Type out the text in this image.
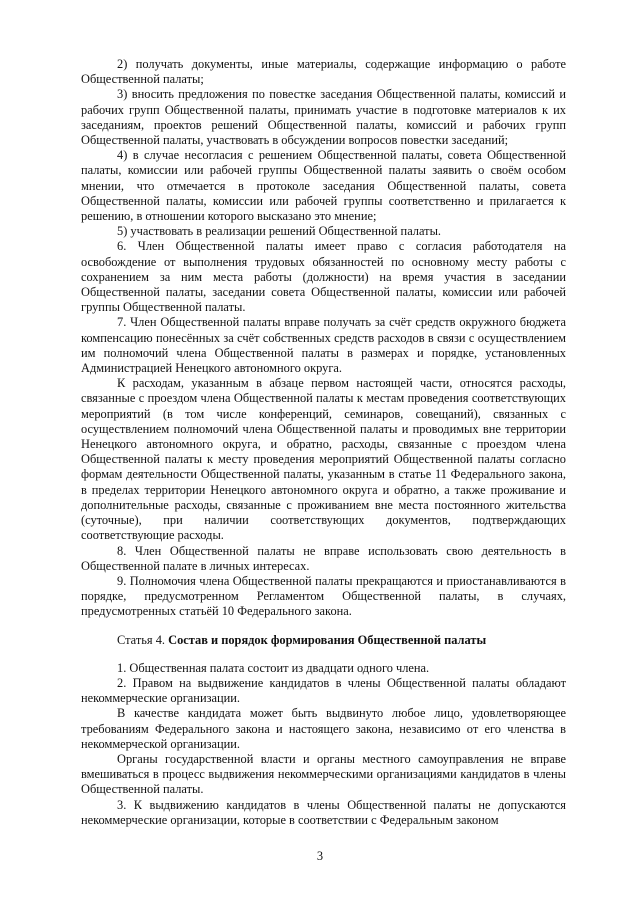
2) получать документы, иные материалы, содержащие информацию о работе Общественной палаты;

3) вносить предложения по повестке заседания Общественной палаты, комиссий и рабочих групп Общественной палаты, принимать участие в подготовке материалов к их заседаниям, проектов решений Общественной палаты, комиссий и рабочих групп Общественной палаты, участвовать в обсуждении вопросов повестки заседаний;

4) в случае несогласия с решением Общественной палаты, совета Общественной палаты, комиссии или рабочей группы Общественной палаты заявить о своём особом мнении, что отмечается в протоколе заседания Общественной палаты, совета Общественной палаты, комиссии или рабочей группы соответственно и прилагается к решению, в отношении которого высказано это мнение;

5) участвовать в реализации решений Общественной палаты.

6. Член Общественной палаты имеет право с согласия работодателя на освобождение от выполнения трудовых обязанностей по основному месту работы с сохранением за ним места работы (должности) на время участия в заседании Общественной палаты, заседании совета Общественной палаты, комиссии или рабочей группы Общественной палаты.

7. Член Общественной палаты вправе получать за счёт средств окружного бюджета компенсацию понесённых за счёт собственных средств расходов в связи с осуществлением им полномочий члена Общественной палаты в размерах и порядке, установленных Администрацией Ненецкого автономного округа.

К расходам, указанным в абзаце первом настоящей части, относятся расходы, связанные с проездом члена Общественной палаты к местам проведения соответствующих мероприятий (в том числе конференций, семинаров, совещаний), связанных с осуществлением полномочий члена Общественной палаты и проводимых вне территории Ненецкого автономного округа, и обратно, расходы, связанные с проездом члена Общественной палаты к месту проведения мероприятий Общественной палаты согласно формам деятельности Общественной палаты, указанным в статье 11 Федерального закона, в пределах территории Ненецкого автономного округа и обратно, а также проживание и дополнительные расходы, связанные с проживанием вне места постоянного жительства (суточные), при наличии соответствующих документов, подтверждающих соответствующие расходы.

8. Член Общественной палаты не вправе использовать свою деятельность в Общественной палате в личных интересах.

9. Полномочия члена Общественной палаты прекращаются и приостанавливаются в порядке, предусмотренном Регламентом Общественной палаты, в случаях, предусмотренных статьёй 10 Федерального закона.

Статья 4. Состав и порядок формирования Общественной палаты

1. Общественная палата состоит из двадцати одного члена.

2. Правом на выдвижение кандидатов в члены Общественной палаты обладают некоммерческие организации.

В качестве кандидата может быть выдвинуто любое лицо, удовлетворяющее требованиям Федерального закона и настоящего закона, независимо от его членства в некоммерческой организации.

Органы государственной власти и органы местного самоуправления не вправе вмешиваться в процесс выдвижения некоммерческими организациями кандидатов в члены Общественной палаты.

3. К выдвижению кандидатов в члены Общественной палаты не допускаются некоммерческие организации, которые в соответствии с Федеральным законом

3
